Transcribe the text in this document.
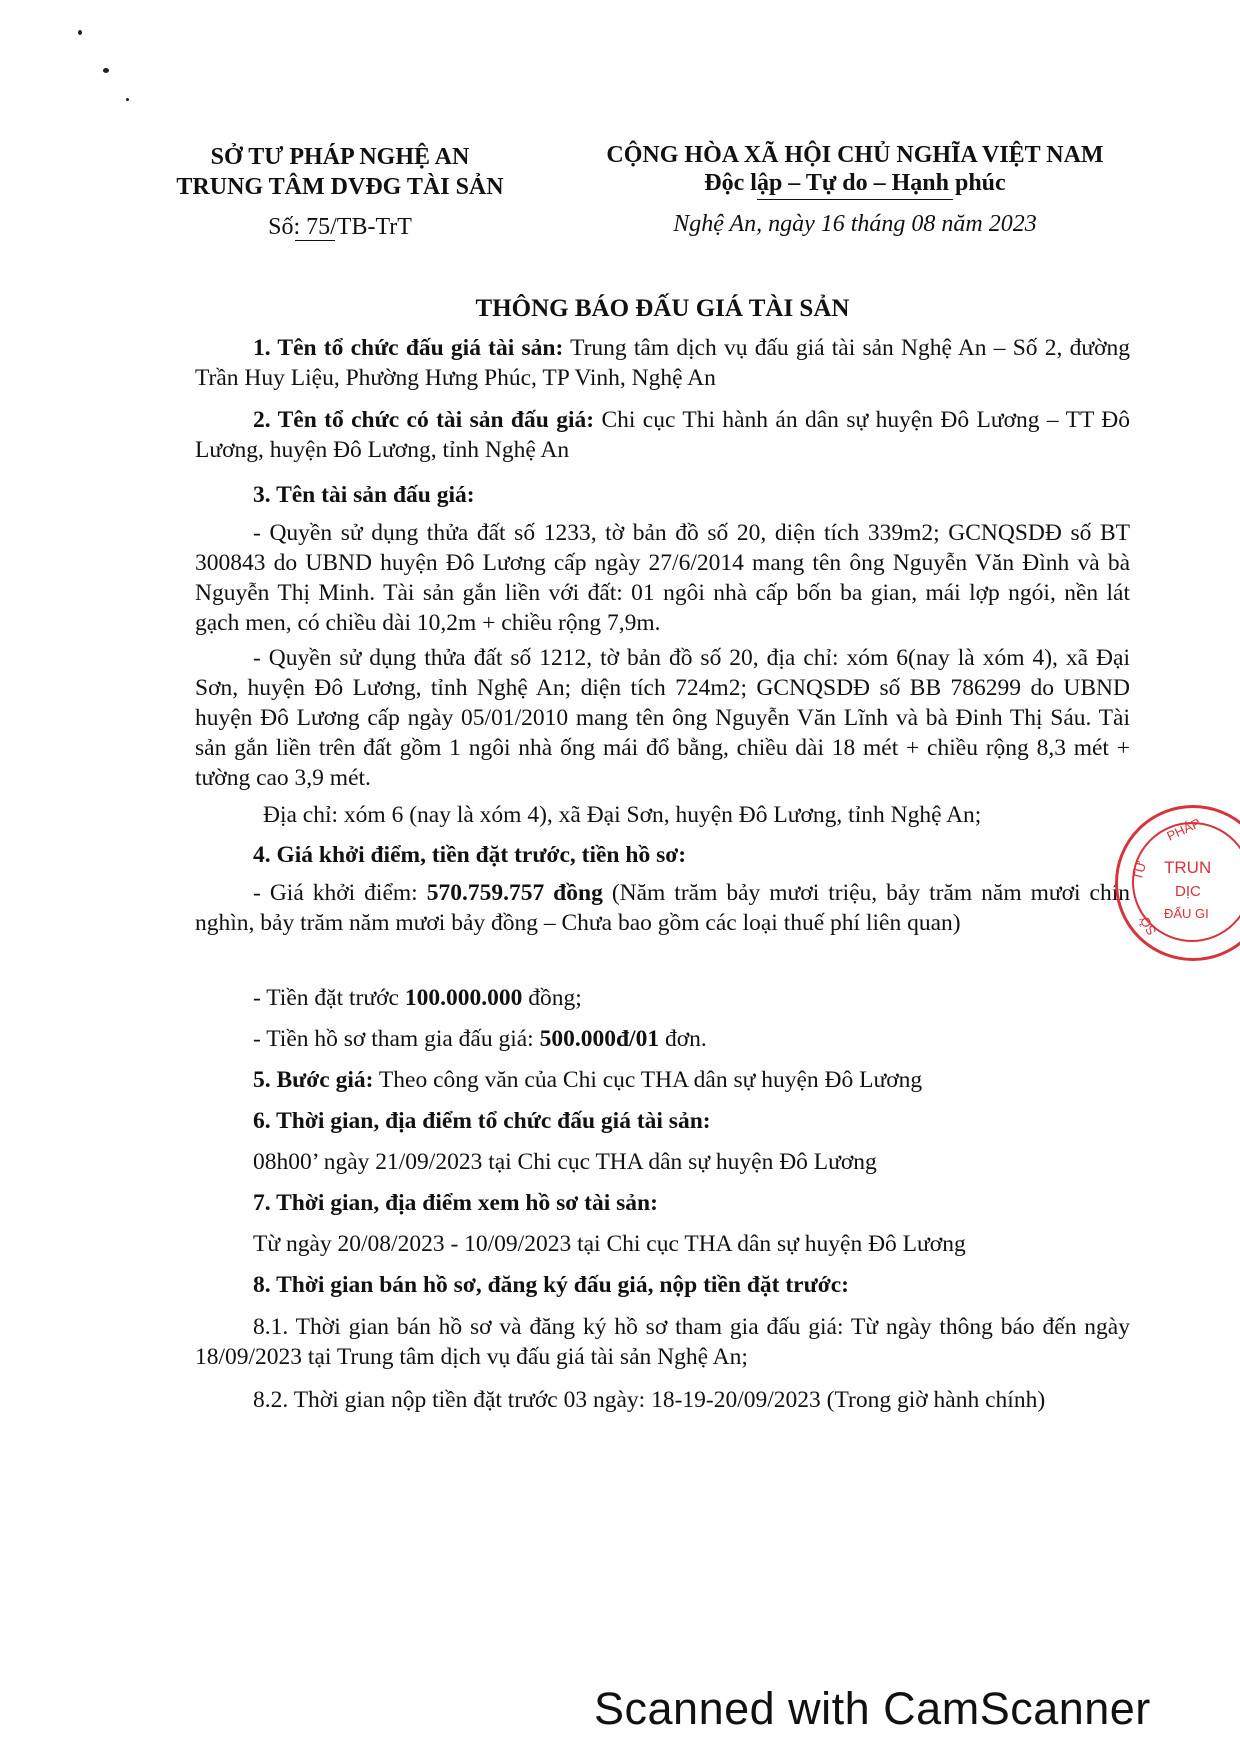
SỞ TƯ PHÁP NGHỆ AN
TRUNG TÂM DVĐG TÀI SẢN
Số: 75/TB-TrT
CỘNG HÒA XÃ HỘI CHỦ NGHĨA VIỆT NAM
Độc lập – Tự do – Hạnh phúc
Nghệ An, ngày 16 tháng 08 năm 2023
THÔNG BÁO ĐẤU GIÁ TÀI SẢN
1. Tên tổ chức đấu giá tài sản: Trung tâm dịch vụ đấu giá tài sản Nghệ An – Số 2, đường Trần Huy Liệu, Phường Hưng Phúc, TP Vinh, Nghệ An
2. Tên tổ chức có tài sản đấu giá: Chi cục Thi hành án dân sự huyện Đô Lương – TT Đô Lương, huyện Đô Lương, tỉnh Nghệ An
3. Tên tài sản đấu giá:
- Quyền sử dụng thửa đất số 1233, tờ bản đồ số 20, diện tích 339m2; GCNQSDĐ số BT 300843 do UBND huyện Đô Lương cấp ngày 27/6/2014 mang tên ông Nguyễn Văn Đình và bà Nguyễn Thị Minh. Tài sản gắn liền với đất: 01 ngôi nhà cấp bốn ba gian, mái lợp ngói, nền lát gạch men, có chiều dài 10,2m + chiều rộng 7,9m.
- Quyền sử dụng thửa đất số 1212, tờ bản đồ số 20, địa chỉ: xóm 6(nay là xóm 4), xã Đại Sơn, huyện Đô Lương, tỉnh Nghệ An; diện tích 724m2; GCNQSDĐ số BB 786299 do UBND huyện Đô Lương cấp ngày 05/01/2010 mang tên ông Nguyễn Văn Lĩnh và bà Đinh Thị Sáu. Tài sản gắn liền trên đất gồm 1 ngôi nhà ống mái đổ bằng, chiều dài 18 mét + chiều rộng 8,3 mét + tường cao 3,9 mét.
Địa chỉ: xóm 6 (nay là xóm 4), xã Đại Sơn, huyện Đô Lương, tỉnh Nghệ An;
4. Giá khởi điểm, tiền đặt trước, tiền hồ sơ:
- Giá khởi điểm: 570.759.757 đồng (Năm trăm bảy mươi triệu, bảy trăm năm mươi chín nghìn, bảy trăm năm mươi bảy đồng – Chưa bao gồm các loại thuế phí liên quan)
- Tiền đặt trước 100.000.000 đồng;
- Tiền hồ sơ tham gia đấu giá: 500.000đ/01 đơn.
5. Bước giá: Theo công văn của Chi cục THA dân sự huyện Đô Lương
6. Thời gian, địa điểm tổ chức đấu giá tài sản:
08h00’ ngày 21/09/2023 tại Chi cục THA dân sự huyện Đô Lương
7. Thời gian, địa điểm xem hồ sơ tài sản:
Từ ngày 20/08/2023 - 10/09/2023 tại Chi cục THA dân sự huyện Đô Lương
8. Thời gian bán hồ sơ, đăng ký đấu giá, nộp tiền đặt trước:
8.1. Thời gian bán hồ sơ và đăng ký hồ sơ tham gia đấu giá: Từ ngày thông báo đến ngày 18/09/2023 tại Trung tâm dịch vụ đấu giá tài sản Nghệ An;
8.2. Thời gian nộp tiền đặt trước 03 ngày: 18-19-20/09/2023 (Trong giờ hành chính)
PHÁP
TƯ
SỞ
TRUN
DỊC
ĐẤU GI
Scanned with CamScanner
